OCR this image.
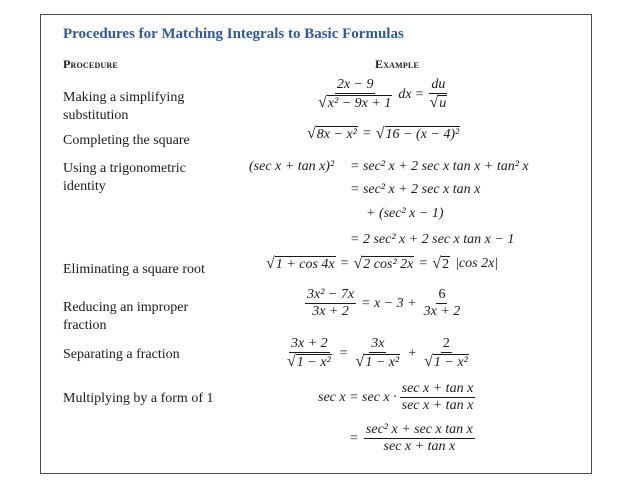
Procedures for Matching Integrals to Basic Formulas
Procedure	Example
Making a simplifying substitution
Completing the square
Using a trigonometric identity
Eliminating a square root
Reducing an improper fraction
Separating a fraction
Multiplying by a form of 1
$\frac{2x - 9}{\text{√ x² − 9x + 1}}$ dx = $\frac{du}{√ u}$
√ 8x − x² = √ 16 − (x − 4)²
(sec x + tan x)² = sec² x + 2 sec x tan x + tan² x
= sec² x + 2 sec x tan x
+ (sec² x − 1)
= 2 sec² x + 2 sec x tan x − 1
√ 1 + cos 4x = √ 2 cos² 2x = √ 2 |cos 2x|
$\frac{\text{3x² − 7x}}{3x + 2} = x - 3 + \frac{6}{3x + 2}$
$\frac{3x + 2}{\text{√ 1 − x²}} = \frac{3x}{\text{√ 1 − x²}} + \frac{2}{\text{√ 1 − x²}}$
$\sec x = \sec x \cdot \frac{\text{sec x + tan x}}{\text{sec x + tan x}}$
= $\frac{\text{sec² x + sec x tan x}}{\text{sec x + tan x}}$
